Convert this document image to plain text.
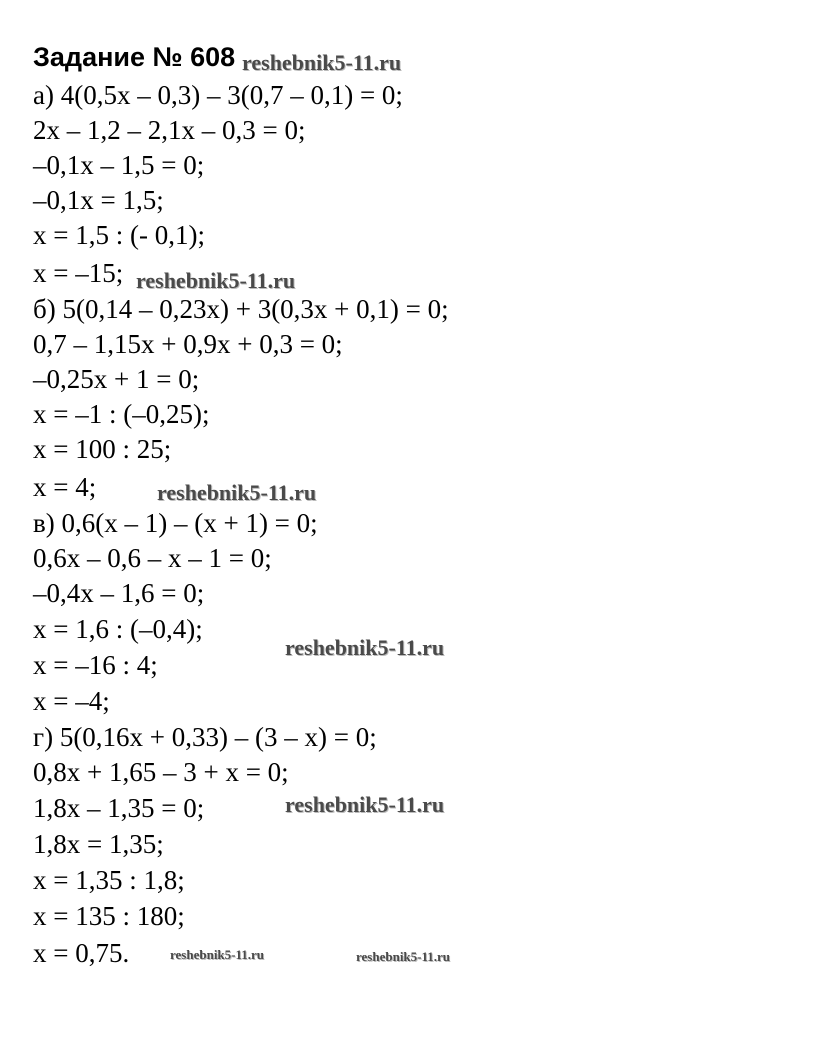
Задание № 608
а) 4(0,5х – 0,3) – 3(0,7 – 0,1) = 0;
2х – 1,2 – 2,1х – 0,3 = 0;
–0,1х – 1,5 = 0;
–0,1х = 1,5;
х = 1,5 : (- 0,1);
х = –15;
б) 5(0,14 – 0,23х) + 3(0,3х + 0,1) = 0;
0,7 – 1,15х + 0,9х + 0,3 = 0;
–0,25х + 1 = 0;
х = –1 : (–0,25);
х = 100 : 25;
х = 4;
в) 0,6(х – 1) – (х + 1) = 0;
0,6х – 0,6 – х – 1 = 0;
–0,4х – 1,6 = 0;
х = 1,6 : (–0,4);
х = –16 : 4;
х = –4;
г) 5(0,16х + 0,33) – (3 – х) = 0;
0,8х + 1,65 – 3 + х = 0;
1,8х – 1,35 = 0;
1,8х = 1,35;
х = 1,35 : 1,8;
х = 135 : 180;
х = 0,75.
reshebnik5-11.ru
reshebnik5-11.ru
reshebnik5-11.ru
reshebnik5-11.ru
reshebnik5-11.ru
reshebnik5-11.ru	reshebnik5-11.ru
